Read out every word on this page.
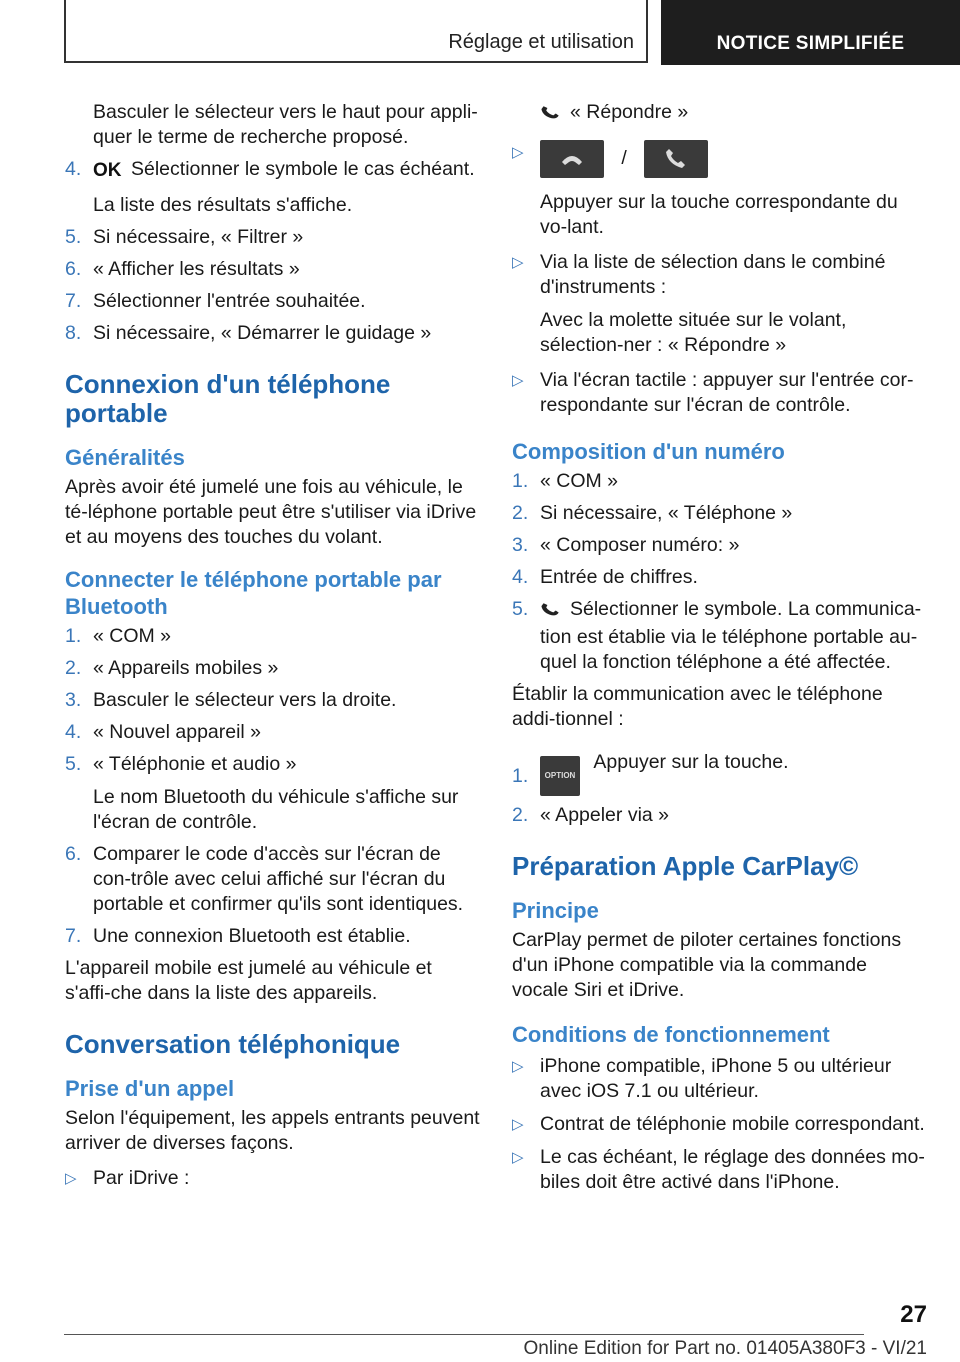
Réglage et utilisation	NOTICE SIMPLIFIÉE
Basculer le sélecteur vers le haut pour appli-quer le terme de recherche proposé.
4. OK Sélectionner le symbole le cas échéant.
La liste des résultats s'affiche.
5. Si nécessaire, « Filtrer »
6. « Afficher les résultats »
7. Sélectionner l'entrée souhaitée.
8. Si nécessaire, « Démarrer le guidage »
Connexion d'un téléphone portable
Généralités
Après avoir été jumelé une fois au véhicule, le té-léphone portable peut être s'utiliser via iDrive et au moyens des touches du volant.
Connecter le téléphone portable par Bluetooth
1. « COM »
2. « Appareils mobiles »
3. Basculer le sélecteur vers la droite.
4. « Nouvel appareil »
5. « Téléphonie et audio »
Le nom Bluetooth du véhicule s'affiche sur l'écran de contrôle.
6. Comparer le code d'accès sur l'écran de con-trôle avec celui affiché sur l'écran du portable et confirmer qu'ils sont identiques.
7. Une connexion Bluetooth est établie.
L'appareil mobile est jumelé au véhicule et s'affi-che dans la liste des appareils.
Conversation téléphonique
Prise d'un appel
Selon l'équipement, les appels entrants peuvent arriver de diverses façons.
▷ Par iDrive :
« Répondre »
▷	/
Appuyer sur la touche correspondante du vo-lant.
▷ Via la liste de sélection dans le combiné d'instruments :
Avec la molette située sur le volant, sélection-ner : « Répondre »
▷ Via l'écran tactile : appuyer sur l'entrée cor-respondante sur l'écran de contrôle.
Composition d'un numéro
1. « COM »
2. Si nécessaire, « Téléphone »
3. « Composer numéro: »
4. Entrée de chiffres.
5. Sélectionner le symbole. La communica-tion est établie via le téléphone portable au-quel la fonction téléphone a été affectée.
Établir la communication avec le téléphone addi-tionnel :
1. OPTION Appuyer sur la touche.
2. « Appeler via »
Préparation Apple CarPlay©
Principe
CarPlay permet de piloter certaines fonctions d'un iPhone compatible via la commande vocale Siri et iDrive.
Conditions de fonctionnement
▷ iPhone compatible, iPhone 5 ou ultérieur avec iOS 7.1 ou ultérieur.
▷ Contrat de téléphonie mobile correspondant.
▷ Le cas échéant, le réglage des données mo-biles doit être activé dans l'iPhone.
27
Online Edition for Part no. 01405A380F3 - VI/21
